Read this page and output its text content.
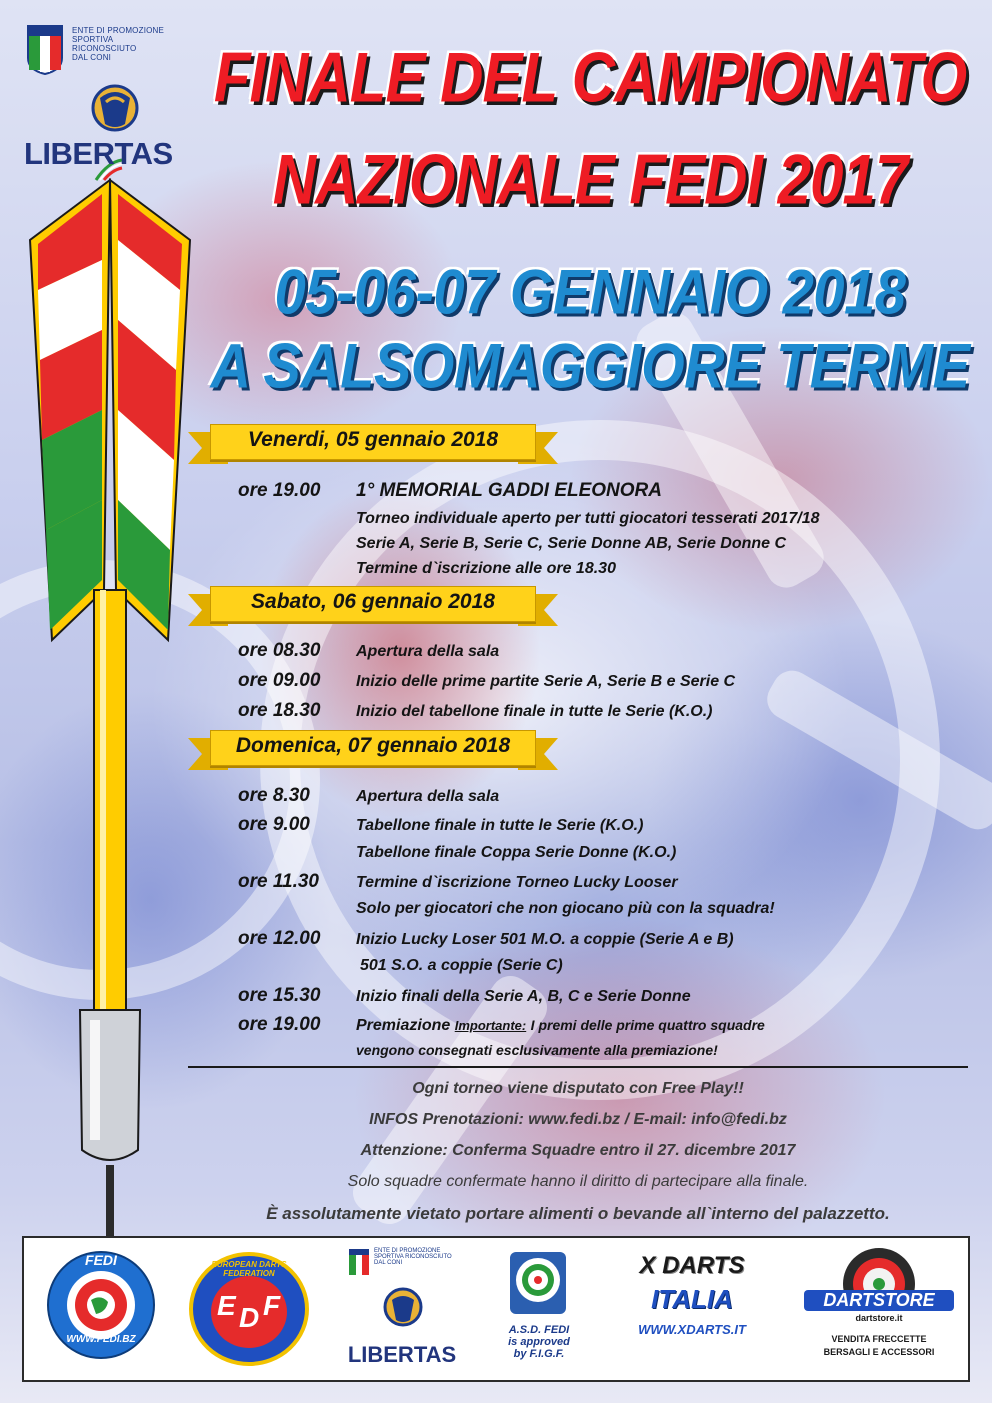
ENTE DI PROMOZIONE
SPORTIVA
RICONOSCIUTO
DAL CONI
LIBERTAS
FINALE DEL CAMPIONATO
NAZIONALE FEDI 2017
05-06-07 GENNAIO 2018
A SALSOMAGGIORE TERME
Venerdi, 05 gennaio 2018
ore 19.00 1° MEMORIAL GADDI ELEONORA
Torneo individuale aperto per tutti giocatori tesserati 2017/18
Serie A, Serie B, Serie C, Serie Donne AB, Serie Donne C
Termine d`iscrizione alle ore 18.30
Sabato, 06 gennaio 2018
ore 08.30 Apertura della sala
ore 09.00 Inizio delle prime partite Serie A, Serie B e Serie C
ore 18.30 Inizio del tabellone finale in tutte le Serie (K.O.)
Domenica, 07 gennaio 2018
ore 8.30	Apertura della sala
ore 9.00	Tabellone finale in tutte le Serie (K.O.)
Tabellone finale Coppa Serie Donne (K.O.)
ore 11.30 Termine d`iscrizione Torneo Lucky Looser
Solo per giocatori che non giocano più con la squadra!
ore 12.00 Inizio Lucky Loser 501 M.O. a coppie (Serie A e B)
501 S.O. a coppie (Serie C)
ore 15.30 Inizio finali della Serie A, B, C e Serie Donne
ore 19.00 Premiazione Importante: I premi delle prime quattro squadre
vengono consegnati esclusivamente alla premiazione!
Ogni torneo viene disputato con Free Play!!
INFOS Prenotazioni: www.fedi.bz / E-mail: info@fedi.bz
Attenzione: Conferma Squadre entro il 27. dicembre 2017
Solo squadre confermate hanno il diritto di partecipare alla finale.
È assolutamente vietato portare alimenti o bevande all`interno del palazzetto.
FEDI
WWW.FEDI.BZ
EUROPEAN DARTS FEDERATION
E D F
ENTE DI PROMOZIONE SPORTIVA RICONOSCIUTO DAL CONI
LIBERTAS
A.S.D. FEDI
is approved
by F.I.G.F.
X DARTS
ITALIA
WWW.XDARTS.IT
DARTSTORE
dartstore.it
VENDITA FRECCETTE
BERSAGLI E ACCESSORI
